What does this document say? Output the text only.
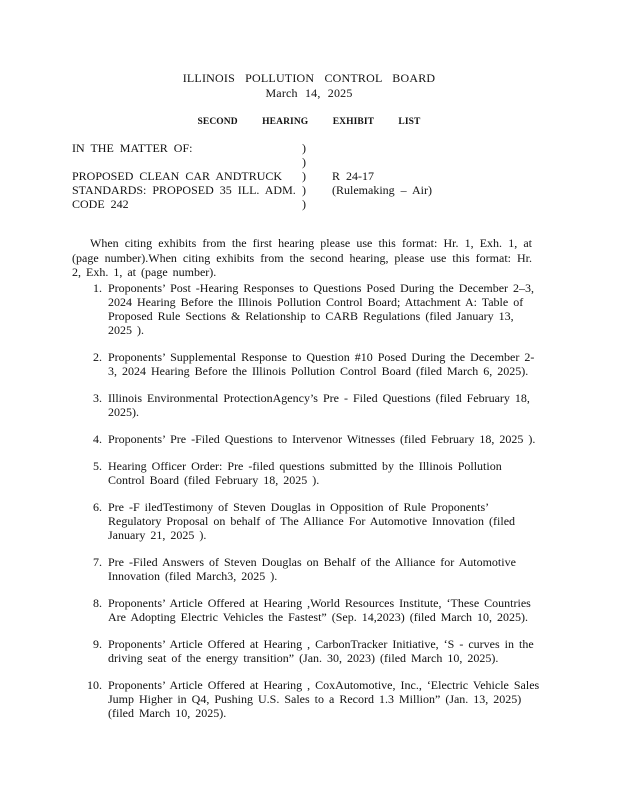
ILLINOIS POLLUTION CONTROL BOARD
March 14, 2025
SECOND HEARING EXHIBIT LIST
IN THE MATTER OF:

PROPOSED CLEAN CAR ANDTRUCK
STANDARDS: PROPOSED 35 ILL. ADM.
CODE 242
)
)
)
)
)
R 24-17
(Rulemaking – Air)

When citing exhibits from the first hearing please use this format: Hr. 1, Exh. 1, at (page number).When citing exhibits from the second hearing, please use this format: Hr. 2, Exh. 1, at (page number).

1. Proponents’ Post -Hearing Responses to Questions Posed During the December 2–3, 2024 Hearing Before the Illinois Pollution Control Board; Attachment A: Table of Proposed Rule Sections & Relationship to CARB Regulations (filed January 13, 2025 ).
2. Proponents’ Supplemental Response to Question #10 Posed During the December 2-3, 2024 Hearing Before the Illinois Pollution Control Board (filed March 6, 2025).
3. Illinois Environmental ProtectionAgency’s Pre - Filed Questions (filed February 18, 2025).
4. Proponents’ Pre -Filed Questions to Intervenor Witnesses (filed February 18, 2025 ).
5. Hearing Officer Order: Pre -filed questions submitted by the Illinois Pollution Control Board (filed February 18, 2025 ).
6. Pre -F iledTestimony of Steven Douglas in Opposition of Rule Proponents’ Regulatory Proposal on behalf of The Alliance For Automotive Innovation (filed January 21, 2025 ).
7. Pre -Filed Answers of Steven Douglas on Behalf of the Alliance for Automotive Innovation (filed March3, 2025 ).
8. Proponents’ Article Offered at Hearing ,World Resources Institute, ‘These Countries Are Adopting Electric Vehicles the Fastest” (Sep. 14,2023) (filed March 10, 2025).
9. Proponents’ Article Offered at Hearing , CarbonTracker Initiative, ‘S - curves in the driving seat of the energy transition” (Jan. 30, 2023) (filed March 10, 2025).
10. Proponents’ Article Offered at Hearing , CoxAutomotive, Inc., ‘Electric Vehicle Sales Jump Higher in Q4, Pushing U.S. Sales to a Record 1.3 Million” (Jan. 13, 2025) (filed March 10, 2025).
